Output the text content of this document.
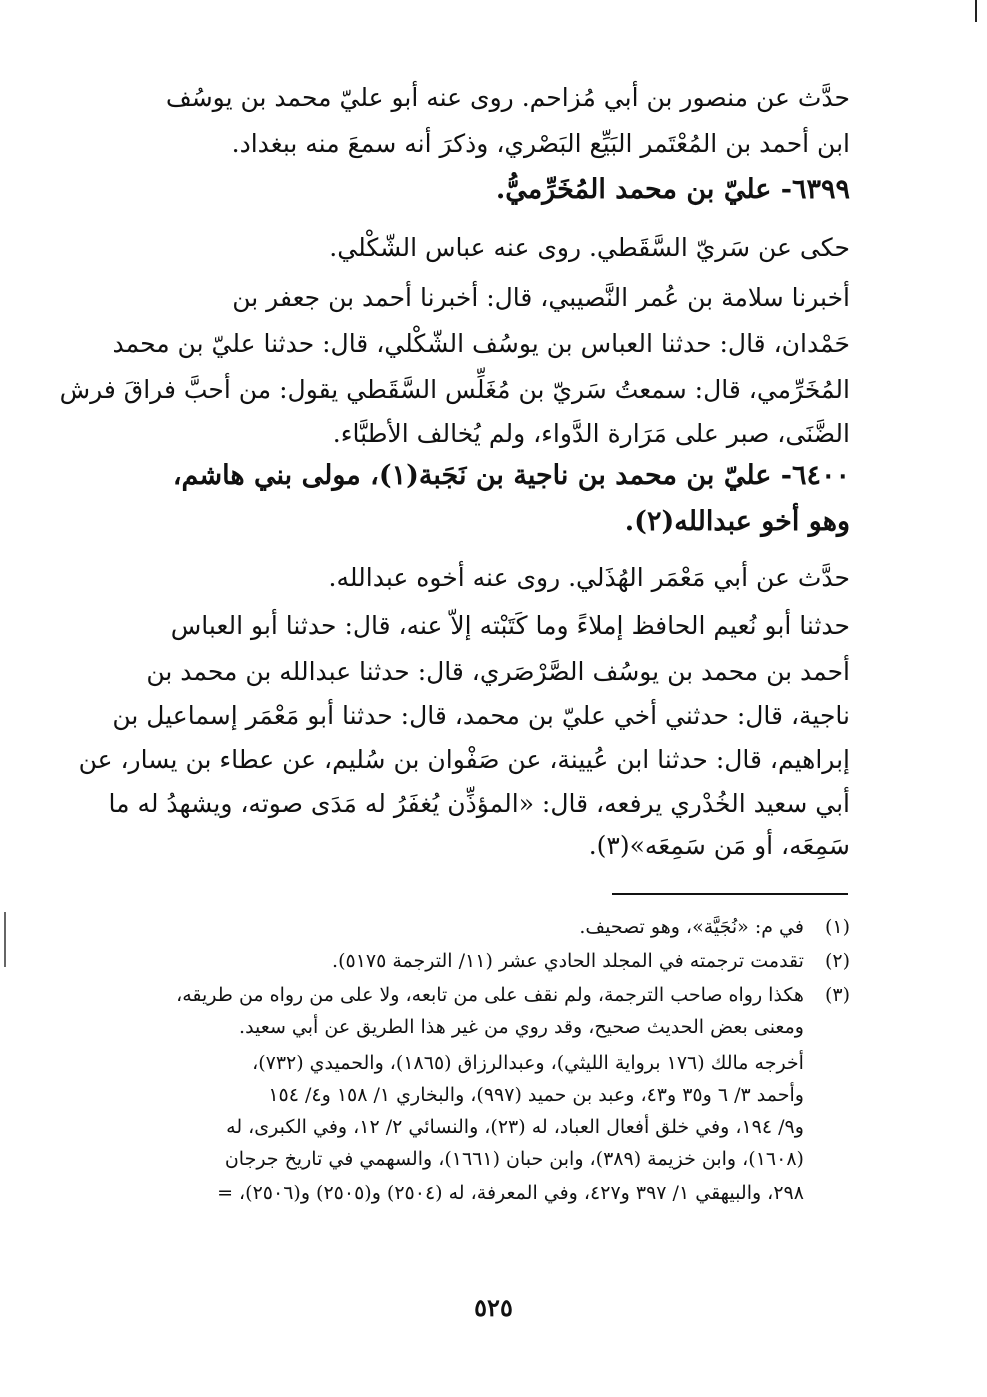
حدَّث عن منصور بن أبي مُزاحم. روى عنه أبو عليّ محمد بن يوسُف
ابن أحمد بن المُعْتَمر البَيِّع البَصْري، وذكرَ أنه سمعَ منه ببغداد.
٦٣٩٩- عليّ بن محمد المُخَرِّميُّ.
حكى عن سَريّ السَّقَطي. روى عنه عباس الشّكْلي.
أخبرنا سلامة بن عُمر النَّصيبي، قال: أخبرنا أحمد بن جعفر بن
حَمْدان، قال: حدثنا العباس بن يوسُف الشّكْلي، قال: حدثنا عليّ بن محمد
المُخَرِّمي، قال: سمعتُ سَريّ بن مُغَلِّس السَّقَطي يقول: من أحبَّ فراقَ فرش
الضَّنَى، صبر على مَرَارة الدَّواء، ولم يُخالف الأطبَّاء.
٦٤٠٠- عليّ بن محمد بن ناجية بن نَجَبة(١)، مولى بني هاشم،
وهو أخو عبدالله(٢).
حدَّث عن أبي مَعْمَر الهُذَلي. روى عنه أخوه عبدالله.
حدثنا أبو نُعيم الحافظ إملاءً وما كَتَبْته إلاّ عنه، قال: حدثنا أبو العباس
أحمد بن محمد بن يوسُف الصَّرْصَري، قال: حدثنا عبدالله بن محمد بن
ناجية، قال: حدثني أخي عليّ بن محمد، قال: حدثنا أبو مَعْمَر إسماعيل بن
إبراهيم، قال: حدثنا ابن عُيينة، عن صَفْوان بن سُليم، عن عطاء بن يسار، عن
أبي سعيد الخُدْري يرفعه، قال: «المؤذِّن يُغفَرُ له مَدَى صوته، ويشهدُ له ما
سَمِعَه، أو مَن سَمِعَه»(٣).
(١) في م: «نُجَيَّة»، وهو تصحيف.
(٢) تقدمت ترجمته في المجلد الحادي عشر (١١/ الترجمة ٥١٧٥).
(٣) هكذا رواه صاحب الترجمة، ولم نقف على من تابعه، ولا على من رواه من طريقه،
ومعنى بعض الحديث صحيح، وقد روي من غير هذا الطريق عن أبي سعيد.
أخرجه مالك (١٧٦ برواية الليثي)، وعبدالرزاق (١٨٦٥)، والحميدي (٧٣٢)،
وأحمد ٣/ ٦ و٣٥ و٤٣، وعبد بن حميد (٩٩٧)، والبخاري ١/ ١٥٨ و٤/ ١٥٤
و٩/ ١٩٤، وفي خلق أفعال العباد، له (٢٣)، والنسائي ٢/ ١٢، وفي الكبرى، له
(١٦٠٨)، وابن خزيمة (٣٨٩)، وابن حبان (١٦٦١)، والسهمي في تاريخ جرجان
٢٩٨، والبيهقي ١/ ٣٩٧ و٤٢٧، وفي المعرفة، له (٢٥٠٤) و(٢٥٠٥) و(٢٥٠٦)، =
٥٢٥
